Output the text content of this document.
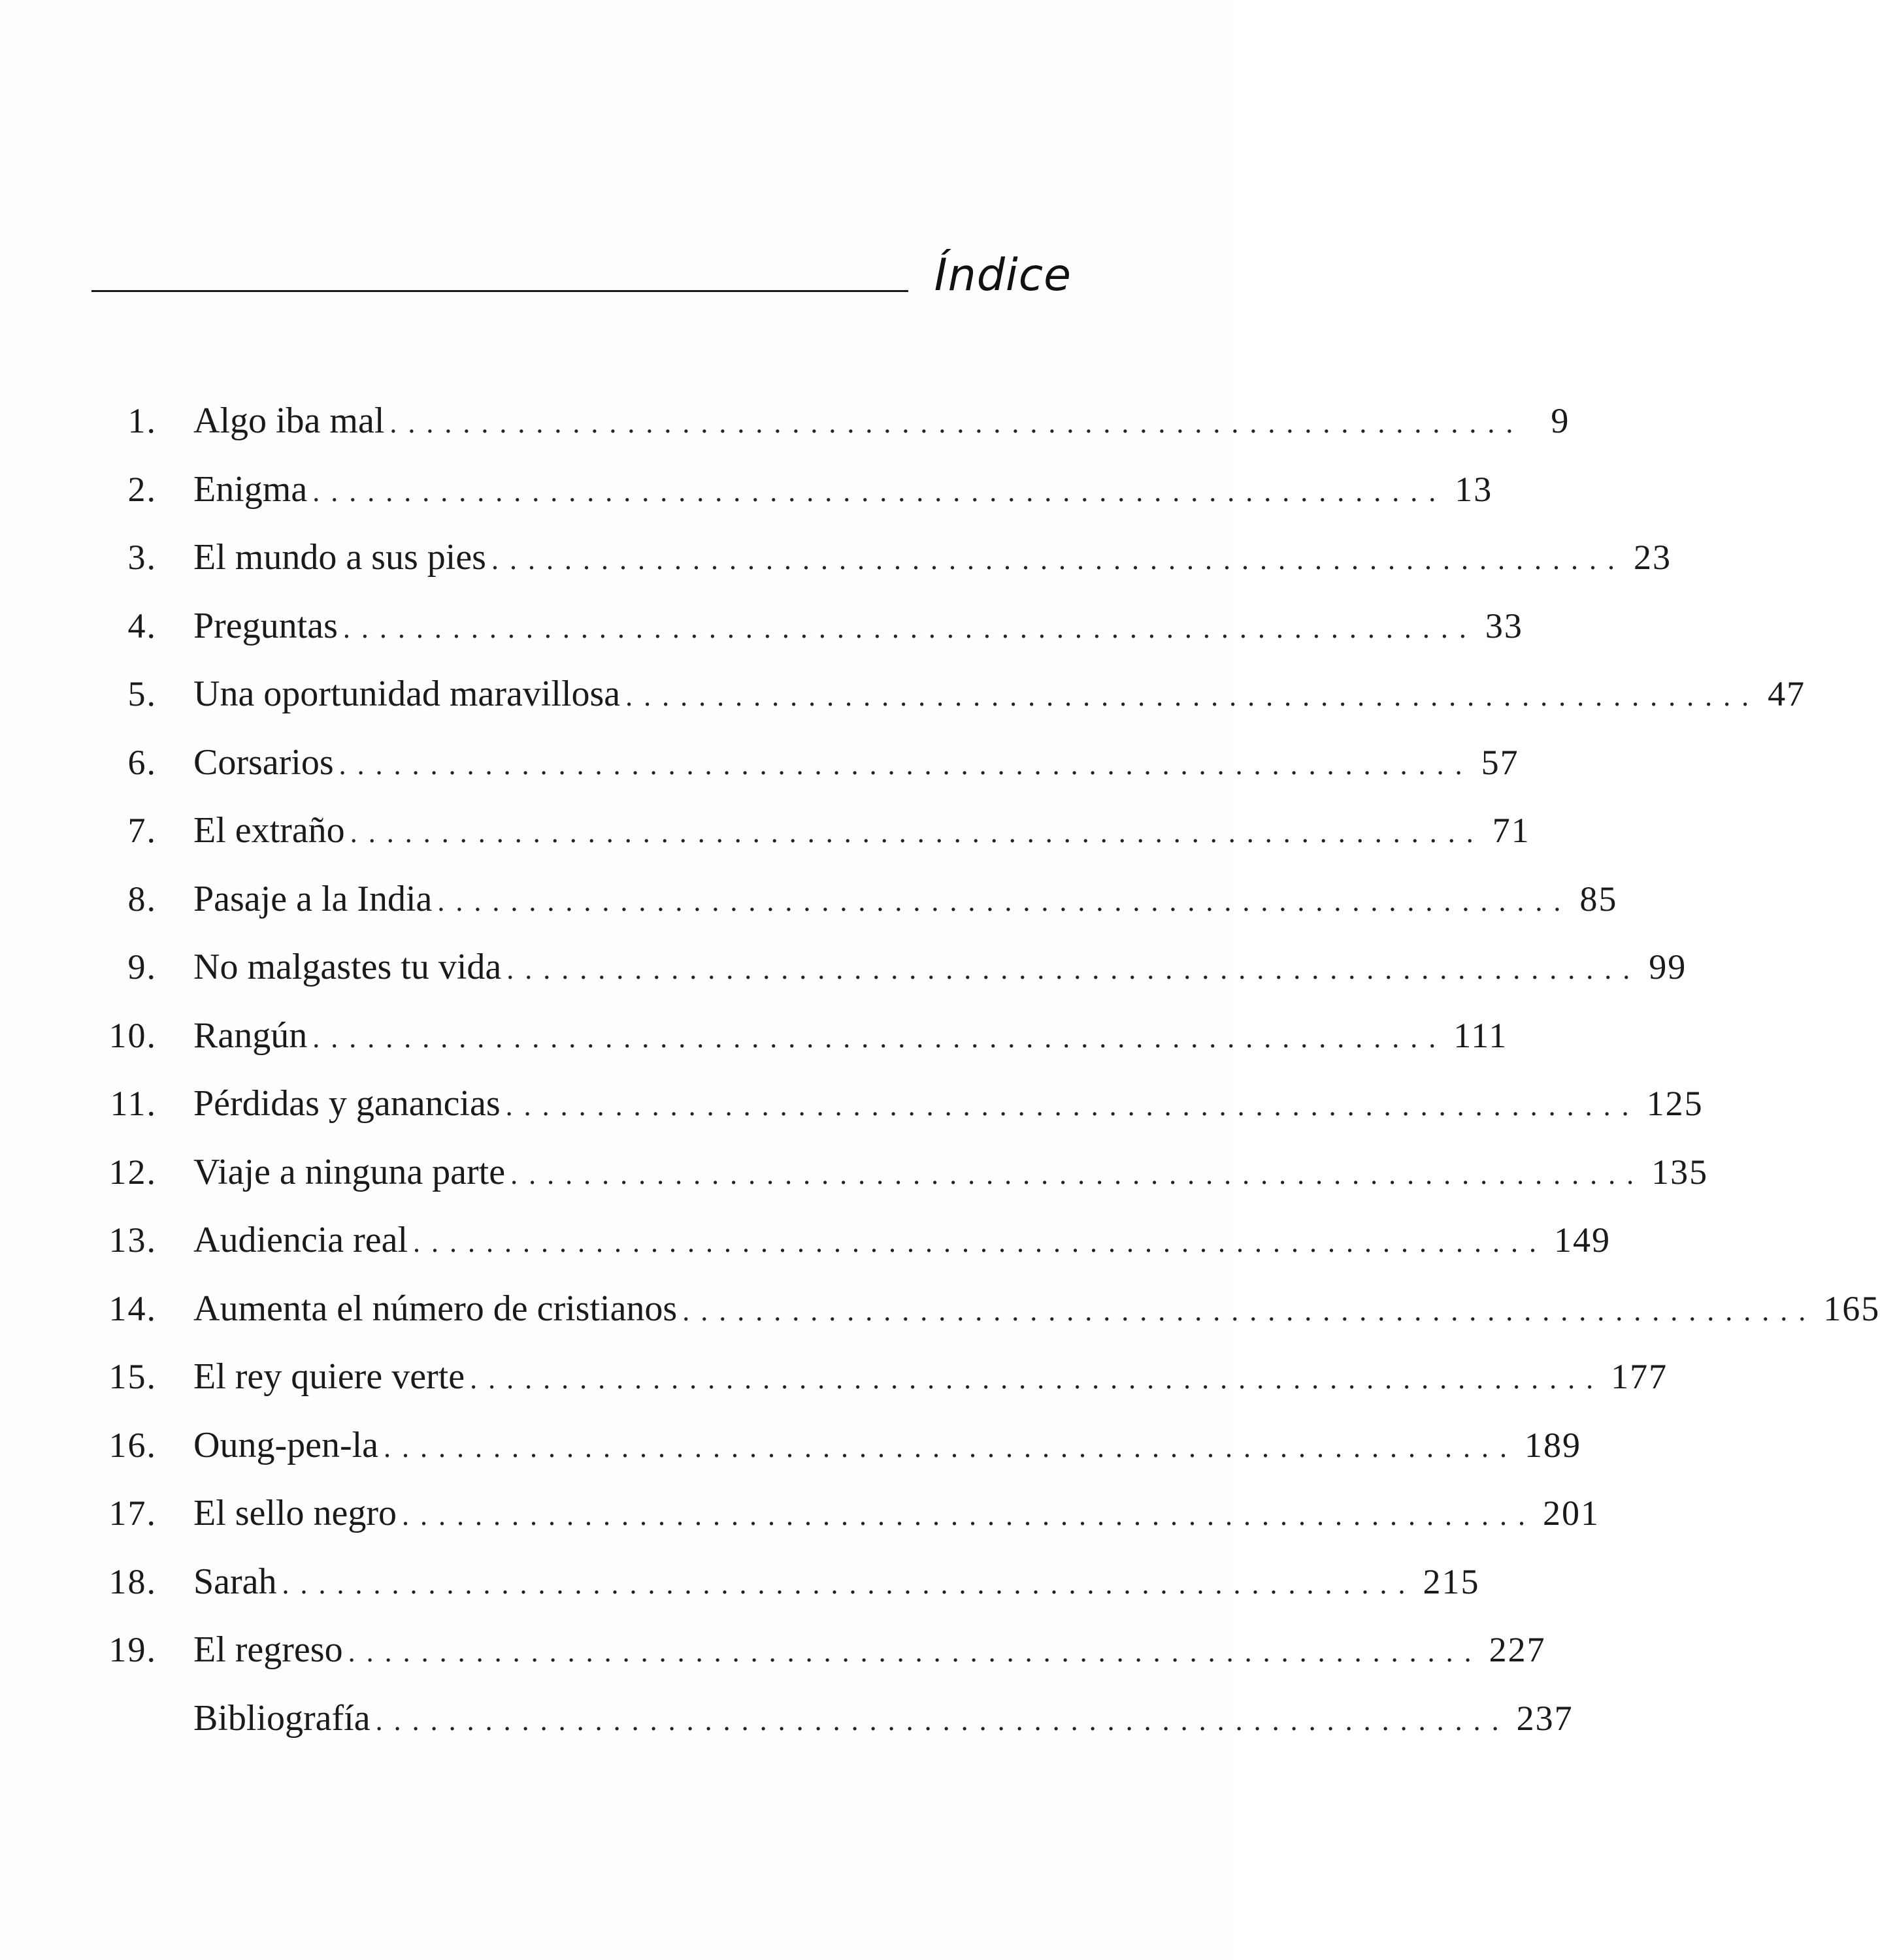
Índice
1. Algo iba mal .............................................................. 9
2. Enigma .............................................................. 13
3. El mundo a sus pies .............................................................. 23
4. Preguntas .............................................................. 33
5. Una oportunidad maravillosa .............................................................. 47
6. Corsarios .............................................................. 57
7. El extraño .............................................................. 71
8. Pasaje a la India .............................................................. 85
9. No malgastes tu vida .............................................................. 99
10. Rangún .............................................................. 111
11. Pérdidas y ganancias .............................................................. 125
12. Viaje a ninguna parte .............................................................. 135
13. Audiencia real .............................................................. 149
14. Aumenta el número de cristianos .............................................................. 165
15. El rey quiere verte .............................................................. 177
16. Oung-pen-la .............................................................. 189
17. El sello negro .............................................................. 201
18. Sarah .............................................................. 215
19. El regreso .............................................................. 227
Bibliografía .............................................................. 237
